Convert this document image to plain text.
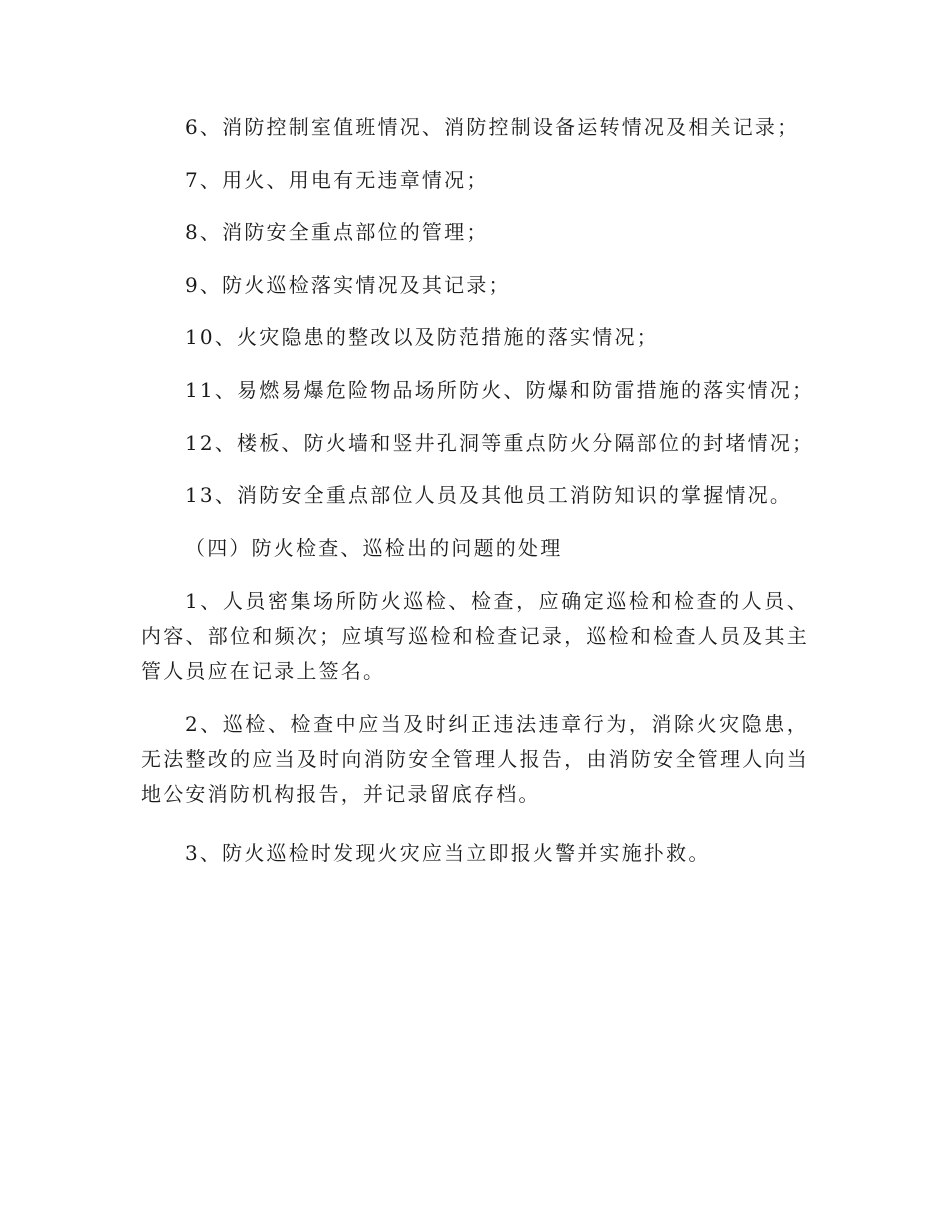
6、消防控制室值班情况、消防控制设备运转情况及相关记录；
7、用火、用电有无违章情况；
8、消防安全重点部位的管理；
9、防火巡检落实情况及其记录；
10、火灾隐患的整改以及防范措施的落实情况；
11、易燃易爆危险物品场所防火、防爆和防雷措施的落实情况；
12、楼板、防火墙和竖井孔洞等重点防火分隔部位的封堵情况；
13、消防安全重点部位人员及其他员工消防知识的掌握情况。
（四）防火检查、巡检出的问题的处理
1、人员密集场所防火巡检、检查，应确定巡检和检查的人员、内容、部位和频次；应填写巡检和检查记录，巡检和检查人员及其主管人员应在记录上签名。
2、巡检、检查中应当及时纠正违法违章行为，消除火灾隐患，无法整改的应当及时向消防安全管理人报告，由消防安全管理人向当地公安消防机构报告，并记录留底存档。
3、防火巡检时发现火灾应当立即报火警并实施扑救。
